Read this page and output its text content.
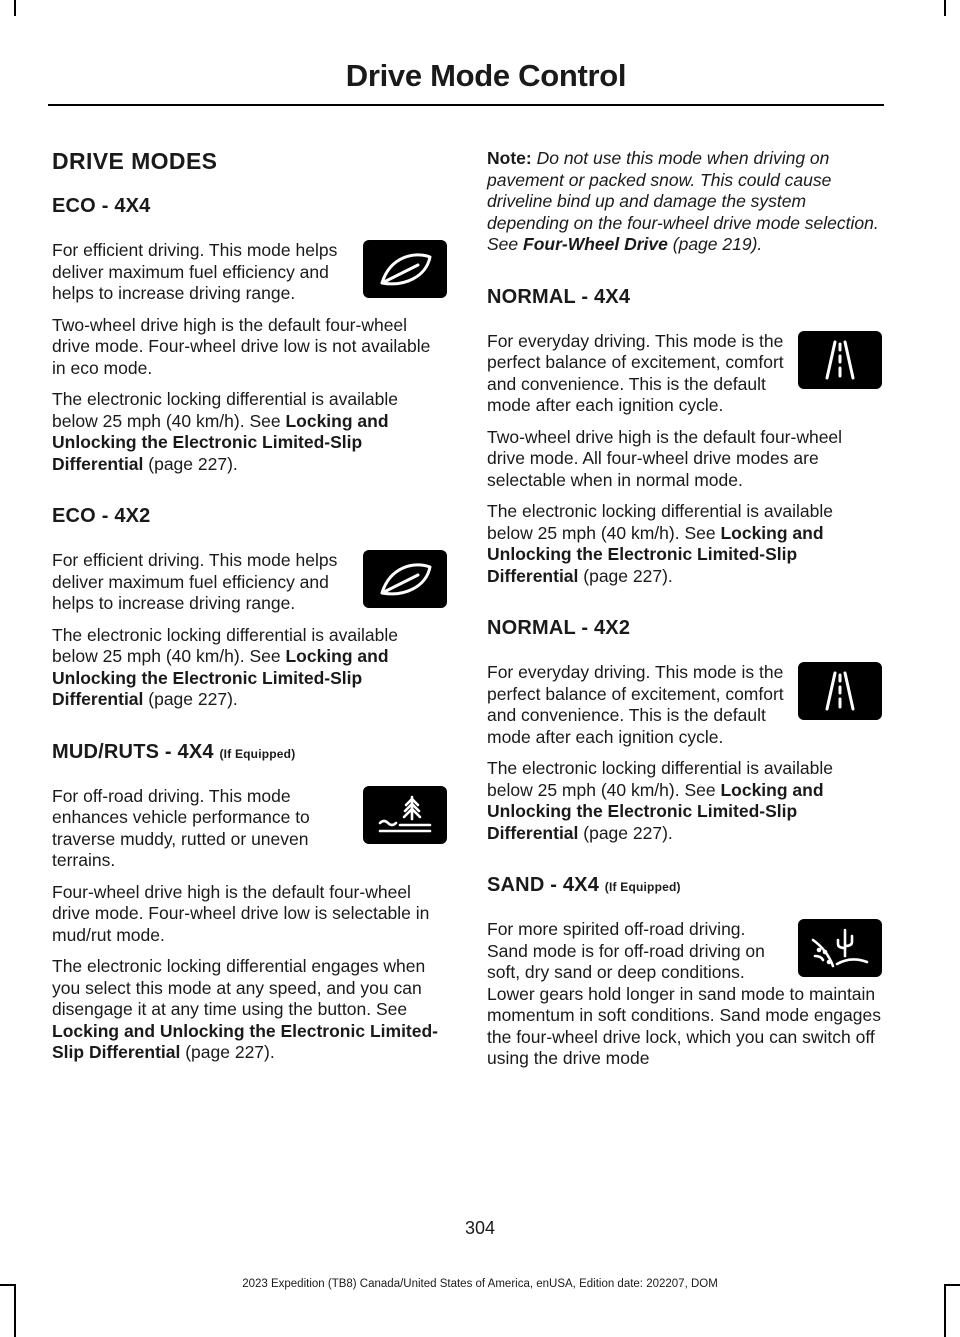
Drive Mode Control
DRIVE MODES
ECO - 4X4

For efficient driving. This mode helps deliver maximum fuel efficiency and helps to increase driving range.

Two-wheel drive high is the default four-wheel drive mode. Four-wheel drive low is not available in eco mode.

The electronic locking differential is available below 25 mph (40 km/h). See Locking and Unlocking the Electronic Limited-Slip Differential (page 227).

ECO - 4X2

For efficient driving. This mode helps deliver maximum fuel efficiency and helps to increase driving range.

The electronic locking differential is available below 25 mph (40 km/h). See Locking and Unlocking the Electronic Limited-Slip Differential (page 227).

MUD/RUTS - 4X4 (If Equipped)

For off-road driving. This mode enhances vehicle performance to traverse muddy, rutted or uneven terrains.

Four-wheel drive high is the default four-wheel drive mode. Four-wheel drive low is selectable in mud/rut mode.

The electronic locking differential engages when you select this mode at any speed, and you can disengage it at any time using the button. See Locking and Unlocking the Electronic Limited-Slip Differential (page 227).

Note: Do not use this mode when driving on pavement or packed snow. This could cause driveline bind up and damage the system depending on the four-wheel drive mode selection. See Four-Wheel Drive (page 219).

NORMAL - 4X4

For everyday driving. This mode is the perfect balance of excitement, comfort and convenience. This is the default mode after each ignition cycle.

Two-wheel drive high is the default four-wheel drive mode. All four-wheel drive modes are selectable when in normal mode.

The electronic locking differential is available below 25 mph (40 km/h). See Locking and Unlocking the Electronic Limited-Slip Differential (page 227).

NORMAL - 4X2

For everyday driving. This mode is the perfect balance of excitement, comfort and convenience. This is the default mode after each ignition cycle.

The electronic locking differential is available below 25 mph (40 km/h). See Locking and Unlocking the Electronic Limited-Slip Differential (page 227).

SAND - 4X4 (If Equipped)

For more spirited off-road driving. Sand mode is for off-road driving on soft, dry sand or deep conditions. Lower gears hold longer in sand mode to maintain momentum in soft conditions. Sand mode engages the four-wheel drive lock, which you can switch off using the drive mode

304
2023 Expedition (TB8) Canada/United States of America, enUSA, Edition date: 202207, DOM
